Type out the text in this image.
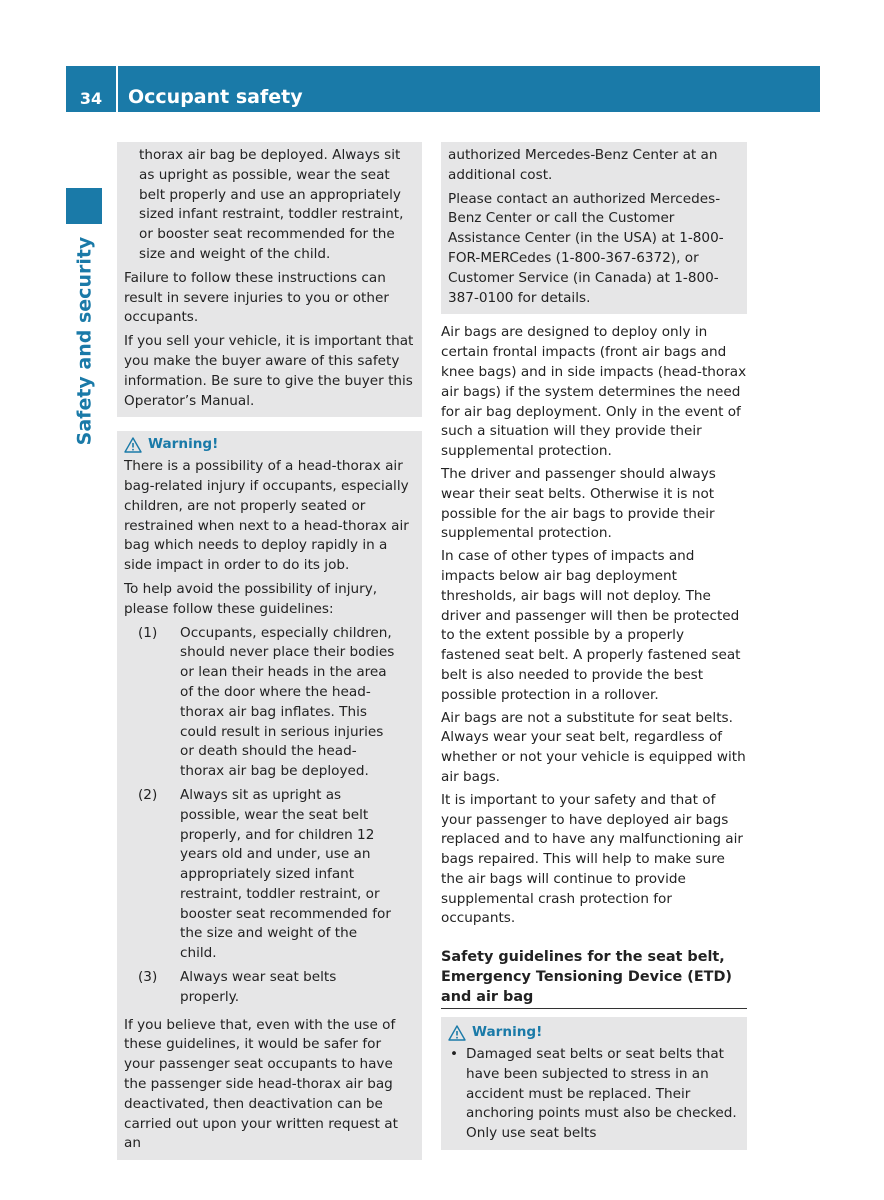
34	Occupant safety
Safety and security

thorax air bag be deployed. Always sit as upright as possible, wear the seat belt properly and use an appropriately sized infant restraint, toddler restraint, or booster seat recommended for the size and weight of the child.

Failure to follow these instructions can result in severe injuries to you or other occupants.

If you sell your vehicle, it is important that you make the buyer aware of this safety information. Be sure to give the buyer this Operator’s Manual.

Warning!

There is a possibility of a head-thorax air bag-related injury if occupants, especially children, are not properly seated or restrained when next to a head-thorax air bag which needs to deploy rapidly in a side impact in order to do its job.

To help avoid the possibility of injury, please follow these guidelines:

(1)	Occupants, especially children, should never place their bodies or lean their heads in the area of the door where the head-thorax air bag inflates. This could result in serious injuries or death should the head-thorax air bag be deployed.
(2)	Always sit as upright as possible, wear the seat belt properly, and for children 12 years old and under, use an appropriately sized infant restraint, toddler restraint, or booster seat recommended for the size and weight of the child.
(3)	Always wear seat belts properly.

If you believe that, even with the use of these guidelines, it would be safer for your passenger seat occupants to have the passenger side head-thorax air bag deactivated, then deactivation can be carried out upon your written request at an

authorized Mercedes-Benz Center at an additional cost.

Please contact an authorized Mercedes-Benz Center or call the Customer Assistance Center (in the USA) at 1-800-FOR-MERCedes (1-800-367-6372), or Customer Service (in Canada) at 1-800-387-0100 for details.

Air bags are designed to deploy only in certain frontal impacts (front air bags and knee bags) and in side impacts (head-thorax air bags) if the system determines the need for air bag deployment. Only in the event of such a situation will they provide their supplemental protection.

The driver and passenger should always wear their seat belts. Otherwise it is not possible for the air bags to provide their supplemental protection.

In case of other types of impacts and impacts below air bag deployment thresholds, air bags will not deploy. The driver and passenger will then be protected to the extent possible by a properly fastened seat belt. A properly fastened seat belt is also needed to provide the best possible protection in a rollover.

Air bags are not a substitute for seat belts. Always wear your seat belt, regardless of whether or not your vehicle is equipped with air bags.

It is important to your safety and that of your passenger to have deployed air bags replaced and to have any malfunctioning air bags repaired. This will help to make sure the air bags will continue to provide supplemental crash protection for occupants.

Safety guidelines for the seat belt, Emergency Tensioning Device (ETD) and air bag
Warning!
• Damaged seat belts or seat belts that have been subjected to stress in an accident must be replaced. Their anchoring points must also be checked. Only use seat belts
